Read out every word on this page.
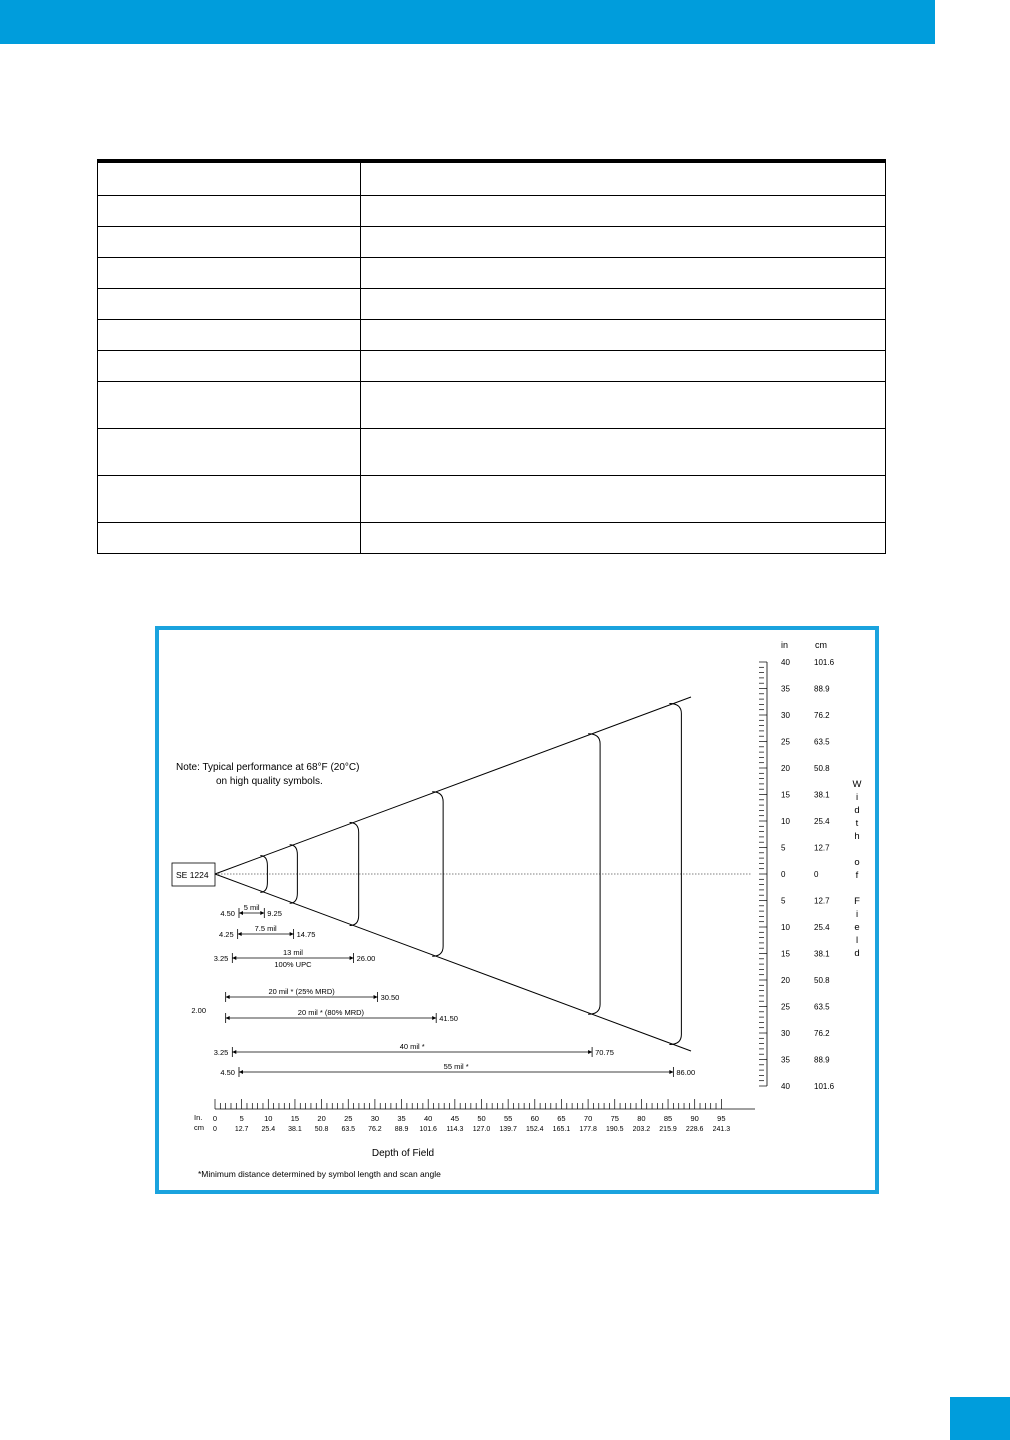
Note: Typical performance at 68°F (20°C)
on high quality symbols.
SE 1224
in	cm
In.
cm
Depth of Field
*Minimum distance determined by symbol length and scan angle
40	101.6
35	88.9
30	76.2
25	63.5
20	50.8
15	38.1
10	25.4
5	12.7
0	0
5	12.7
10	25.4
15	38.1
20	50.8
25	63.5
30	76.2
35	88.9
40	101.6
W
i
d
t
h
o
f
F
i
e
l
d
0
0
5
12.7
10
25.4
15
38.1
20
50.8
25
63.5
30
76.2
35
88.9
40
101.6
45
114.3
50
127.0
55
139.7
60
152.4
65
165.1
70
177.8
75
190.5
80
203.2
85
215.9
90
228.6
95
241.3
5 mil
4.50	9.25
7.5 mil
4.25	14.75
13 mil
100% UPC
3.25	26.00
20 mil * (25% MRD)
30.50
20 mil * (80% MRD)
2.00
41.50
40 mil *
3.25	70.75
55 mil *
4.50	86.00
